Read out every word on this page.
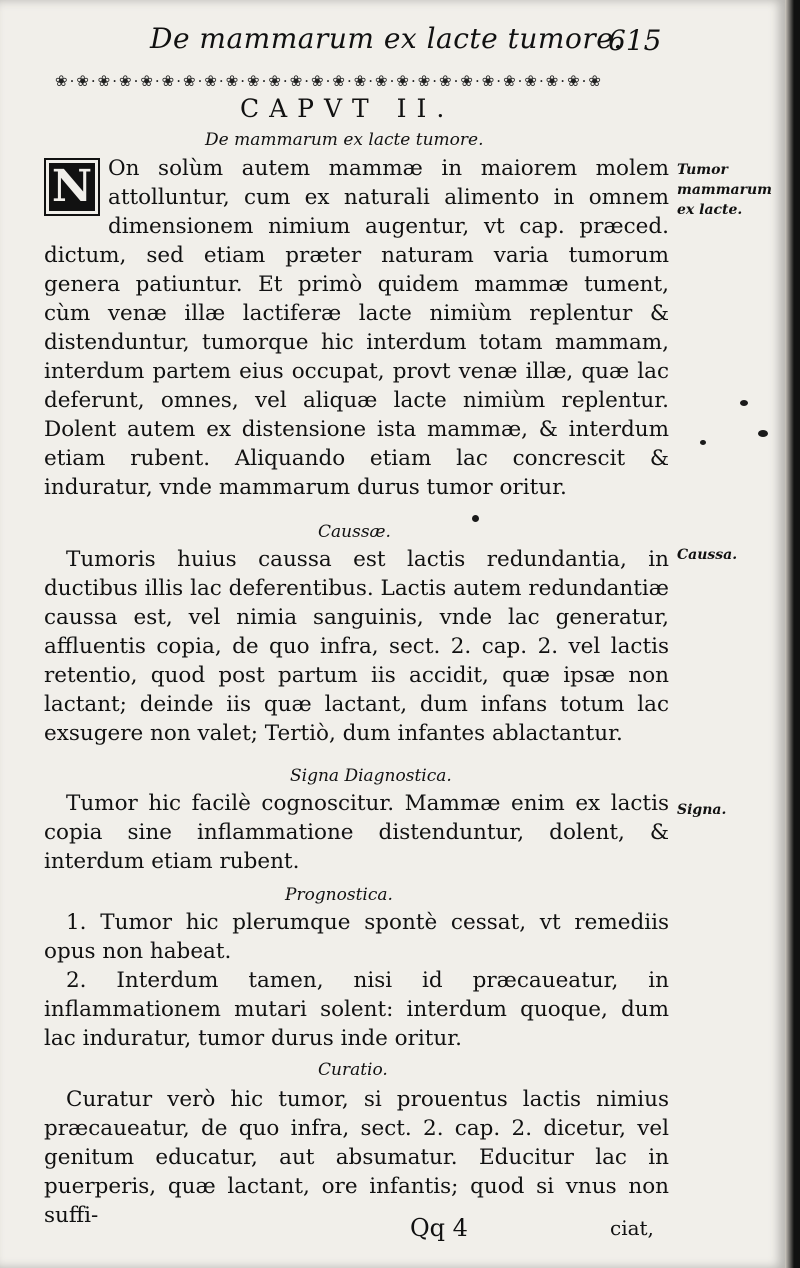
De mammarum ex lacte tumore.
615
❀·❀·❀·❀·❀·❀·❀·❀·❀·❀·❀·❀·❀·❀·❀·❀·❀·❀·❀·❀·❀·❀·❀·❀·❀·❀
CAPVT II.
De mammarum ex lacte tumore.
N On solùm autem mammæ in maiorem molem attolluntur, cum ex naturali alimento in omnem dimensionem nimium augentur, vt cap. præced. dictum, sed etiam præter naturam varia tumorum genera patiuntur. Et primò quidem mammæ tument, cùm venæ illæ lactiferæ lacte nimiùm replentur & distenduntur, tumorque hic interdum totam mammam, interdum partem eius occupat, provt venæ illæ, quæ lac deferunt, omnes, vel aliquæ lacte nimiùm replentur. Dolent autem ex distensione ista mammæ, & interdum etiam rubent. Aliquando etiam lac concrescit & induratur, vnde mammarum durus tumor oritur.
Caussæ.
Tumoris huius caussa est lactis redundantia, in ductibus illis lac deferentibus. Lactis autem redundantiæ caussa est, vel nimia sanguinis, vnde lac generatur, affluentis copia, de quo infra, sect. 2. cap. 2. vel lactis retentio, quod post partum iis accidit, quæ ipsæ non lactant; deinde iis quæ lactant, dum infans totum lac exsugere non valet; Tertiò, dum infantes ablactantur.
Signa Diagnostica.
Tumor hic facilè cognoscitur. Mammæ enim ex lactis copia sine inflammatione distenduntur, dolent, & interdum etiam rubent.
Prognostica.
1. Tumor hic plerumque spontè cessat, vt remediis opus non habeat.
2. Interdum tamen, nisi id præcaueatur, in inflammationem mutari solent: interdum quoque, dum lac induratur, tumor durus inde oritur.
Curatio.
Curatur verò hic tumor, si prouentus lactis nimius præcaueatur, de quo infra, sect. 2. cap. 2. dicetur, vel genitum educatur, aut absumatur. Educitur lac in puerperis, quæ lactant, ore infantis; quod si vnus non suffi-
Tumor mammarum ex lacte.
Caussa.
Signa.
Qq 4	ciat,
